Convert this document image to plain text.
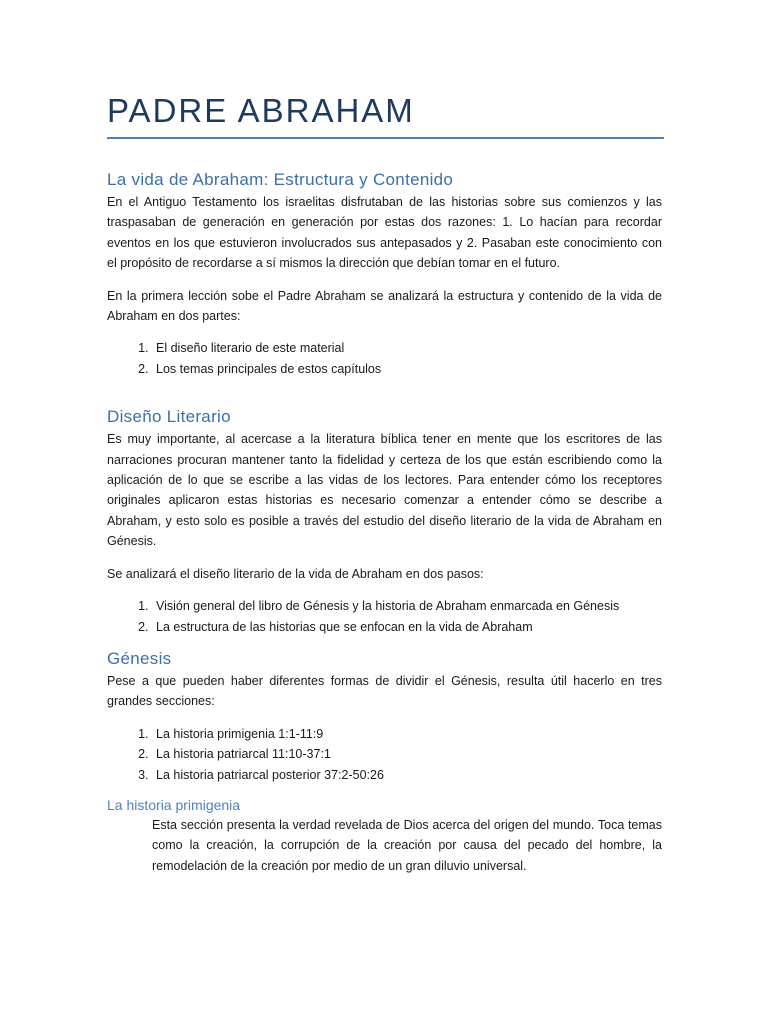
PADRE ABRAHAM
La vida de Abraham: Estructura y Contenido

En el Antiguo Testamento los israelitas disfrutaban de las historias sobre sus comienzos y las traspasaban de generación en generación por estas dos razones: 1. Lo hacían para recordar eventos en los que estuvieron involucrados sus antepasados y 2. Pasaban este conocimiento con el propósito de recordarse a sí mismos la dirección que debían tomar en el futuro.

En la primera lección sobe el Padre Abraham se analizará la estructura y contenido de la vida de Abraham en dos partes:

1. El diseño literario de este material
2. Los temas principales de estos capítulos
Diseño Literario

Es muy importante, al acercase a la literatura bíblica tener en mente que los escritores de las narraciones procuran mantener tanto la fidelidad y certeza de los que están escribiendo como la aplicación de lo que se escribe a las vidas de los lectores. Para entender cómo los receptores originales aplicaron estas historias es necesario comenzar a entender cómo se describe a Abraham, y esto solo es posible a través del estudio del diseño literario de la vida de Abraham en Génesis.

Se analizará el diseño literario de la vida de Abraham en dos pasos:

1. Visión general del libro de Génesis y la historia de Abraham enmarcada en Génesis
2. La estructura de las historias que se enfocan en la vida de Abraham
Génesis

Pese a que pueden haber diferentes formas de dividir el Génesis, resulta útil hacerlo en tres grandes secciones:

1. La historia primigenia 1:1-11:9
2. La historia patriarcal 11:10-37:1
3. La historia patriarcal posterior 37:2-50:26
La historia primigenia

Esta sección presenta la verdad revelada de Dios acerca del origen del mundo. Toca temas como la creación, la corrupción de la creación por causa del pecado del hombre, la remodelación de la creación por medio de un gran diluvio universal.
